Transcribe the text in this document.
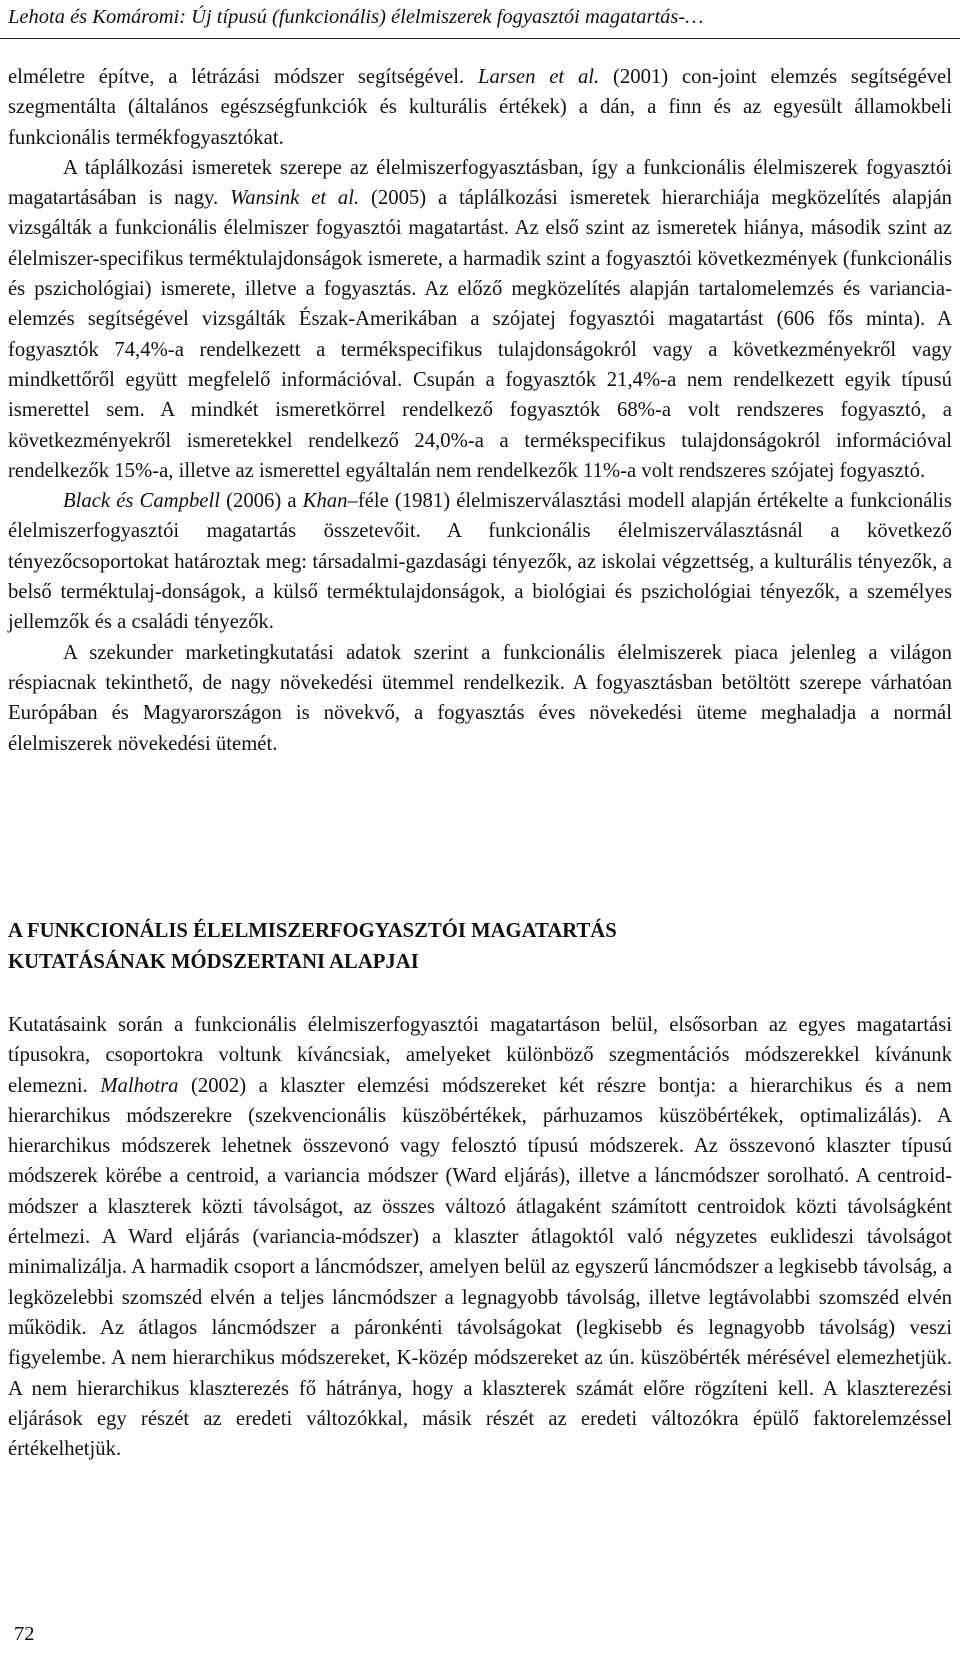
Lehota és Komáromi: Új típusú (funkcionális) élelmiszerek fogyasztói magatartás-…

elméletre építve, a létrázási módszer segítségével. Larsen et al. (2001) con-joint elemzés segítségével szegmentálta (általános egészségfunkciók és kulturális értékek) a dán, a finn és az egyesült államokbeli funkcionális termékfogyasztókat.

A táplálkozási ismeretek szerepe az élelmiszerfogyasztásban, így a funkcionális élelmiszerek fogyasztói magatartásában is nagy. Wansink et al. (2005) a táplálkozási ismeretek hierarchiája megközelítés alapján vizsgálták a funkcionális élelmiszer fogyasztói magatartást. Az első szint az ismeretek hiánya, második szint az élelmiszer-specifikus terméktulajdonságok ismerete, a harmadik szint a fogyasztói következmények (funkcionális és pszichológiai) ismerete, illetve a fogyasztás. Az előző megközelítés alapján tartalomelemzés és variancia-elemzés segítségével vizsgálták Észak-Amerikában a szójatej fogyasztói magatartást (606 fős minta). A fogyasztók 74,4%-a rendelkezett a termékspecifikus tulajdonságokról vagy a következményekről vagy mindkettőről együtt megfelelő információval. Csupán a fogyasztók 21,4%-a nem rendelkezett egyik típusú ismerettel sem. A mindkét ismeretkörrel rendelkező fogyasztók 68%-a volt rendszeres fogyasztó, a következményekről ismeretekkel rendelkező 24,0%-a a termékspecifikus tulajdonságokról információval rendelkezők 15%-a, illetve az ismerettel egyáltalán nem rendelkezők 11%-a volt rendszeres szójatej fogyasztó.

Black és Campbell (2006) a Khan–féle (1981) élelmiszerválasztási modell alapján értékelte a funkcionális élelmiszerfogyasztói magatartás összetevőit. A funkcionális élelmiszerválasztásnál a következő tényezőcsoportokat határoztak meg: társadalmi-gazdasági tényezők, az iskolai végzettség, a kulturális tényezők, a belső terméktulaj-donságok, a külső terméktulajdonságok, a biológiai és pszichológiai tényezők, a személyes jellemzők és a családi tényezők.

A szekunder marketingkutatási adatok szerint a funkcionális élelmiszerek piaca jelenleg a világon réspiacnak tekinthető, de nagy növekedési ütemmel rendelkezik. A fogyasztásban betöltött szerepe várhatóan Európában és Magyarországon is növekvő, a fogyasztás éves növekedési üteme meghaladja a normál élelmiszerek növekedési ütemét.

A FUNKCIONÁLIS ÉLELMISZERFOGYASZTÓI MAGATARTÁS
KUTATÁSÁNAK MÓDSZERTANI ALAPJAI

Kutatásaink során a funkcionális élelmiszerfogyasztói magatartáson belül, elsősorban az egyes magatartási típusokra, csoportokra voltunk kíváncsiak, amelyeket különböző szegmentációs módszerekkel kívánunk elemezni. Malhotra (2002) a klaszter elemzési módszereket két részre bontja: a hierarchikus és a nem hierarchikus módszerekre (szekvencionális küszöbértékek, párhuzamos küszöbértékek, optimalizálás). A hierarchikus módszerek lehetnek összevonó vagy felosztó típusú módszerek. Az összevonó klaszter típusú módszerek körébe a centroid, a variancia módszer (Ward eljárás), illetve a láncmódszer sorolható. A centroid-módszer a klaszterek közti távolságot, az összes változó átlagaként számított centroidok közti távolságként értelmezi. A Ward eljárás (variancia-módszer) a klaszter átlagoktól való négyzetes euklideszi távolságot minimalizálja. A harmadik csoport a láncmódszer, amelyen belül az egyszerű láncmódszer a legkisebb távolság, a legközelebbi szomszéd elvén a teljes láncmódszer a legnagyobb távolság, illetve legtávolabbi szomszéd elvén működik. Az átlagos láncmódszer a páronkénti távolságokat (legkisebb és legnagyobb távolság) veszi figyelembe. A nem hierarchikus módszereket, K-közép módszereket az ún. küszöbérték mérésével elemezhetjük. A nem hierarchikus klaszterezés fő hátránya, hogy a klaszterek számát előre rögzíteni kell. A klaszterezési eljárások egy részét az eredeti változókkal, másik részét az eredeti változókra épülő faktorelemzéssel értékelhetjük.

72
